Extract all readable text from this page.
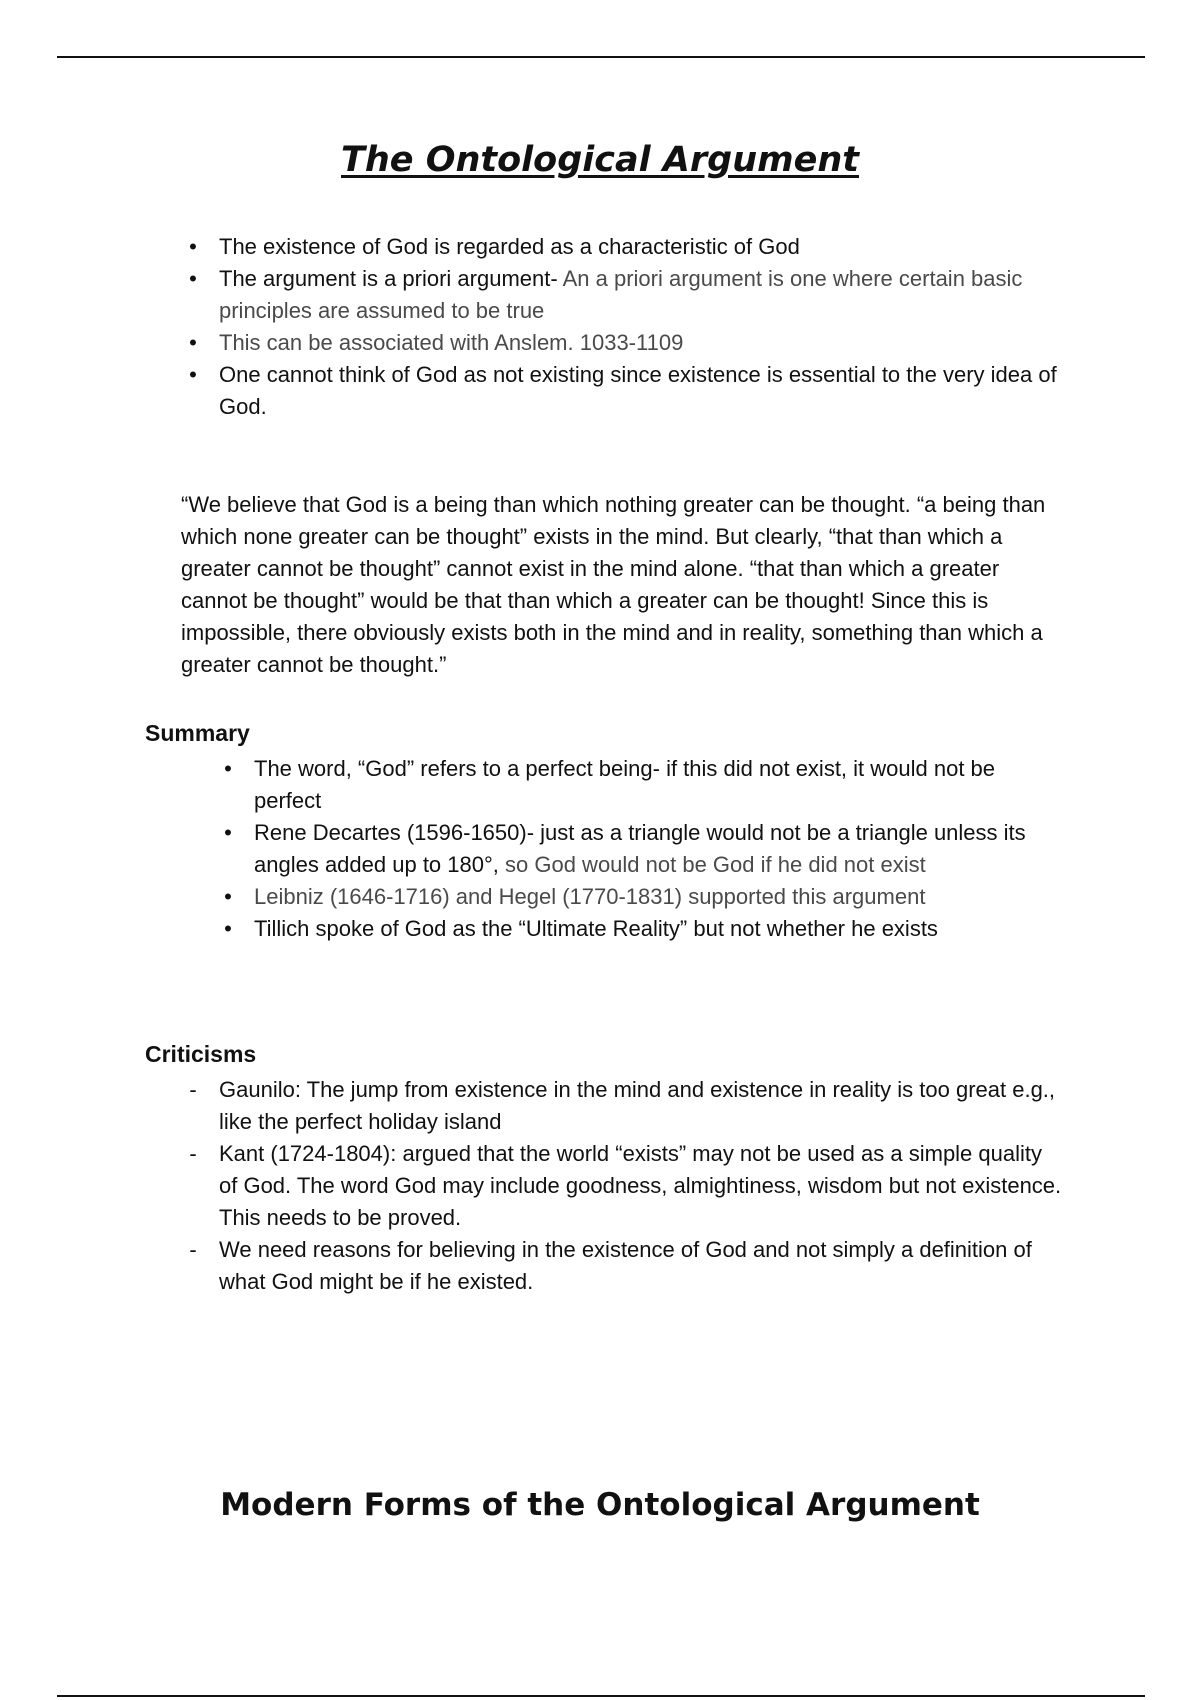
The Ontological Argument
• The existence of God is regarded as a characteristic of God
• The argument is a priori argument- An a priori argument is one where certain basic principles are assumed to be true
• This can be associated with Anslem. 1033-1109
• One cannot think of God as not existing since existence is essential to the very idea of God.

“We believe that God is a being than which nothing greater can be thought. “a being than which none greater can be thought” exists in the mind. But clearly, “that than which a greater cannot be thought” cannot exist in the mind alone. “that than which a greater cannot be thought” would be that than which a greater can be thought! Since this is impossible, there obviously exists both in the mind and in reality, something than which a greater cannot be thought.”

Summary
• The word, “God” refers to a perfect being- if this did not exist, it would not be perfect
• Rene Decartes (1596-1650)- just as a triangle would not be a triangle unless its angles added up to 180°, so God would not be God if he did not exist
• Leibniz (1646-1716) and Hegel (1770-1831) supported this argument
• Tillich spoke of God as the “Ultimate Reality” but not whether he exists
Criticisms
- Gaunilo: The jump from existence in the mind and existence in reality is too great e.g., like the perfect holiday island
- Kant (1724-1804): argued that the world “exists” may not be used as a simple quality of God. The word God may include goodness, almightiness, wisdom but not existence. This needs to be proved.
- We need reasons for believing in the existence of God and not simply a definition of what God might be if he existed.
Modern Forms of the Ontological Argument
